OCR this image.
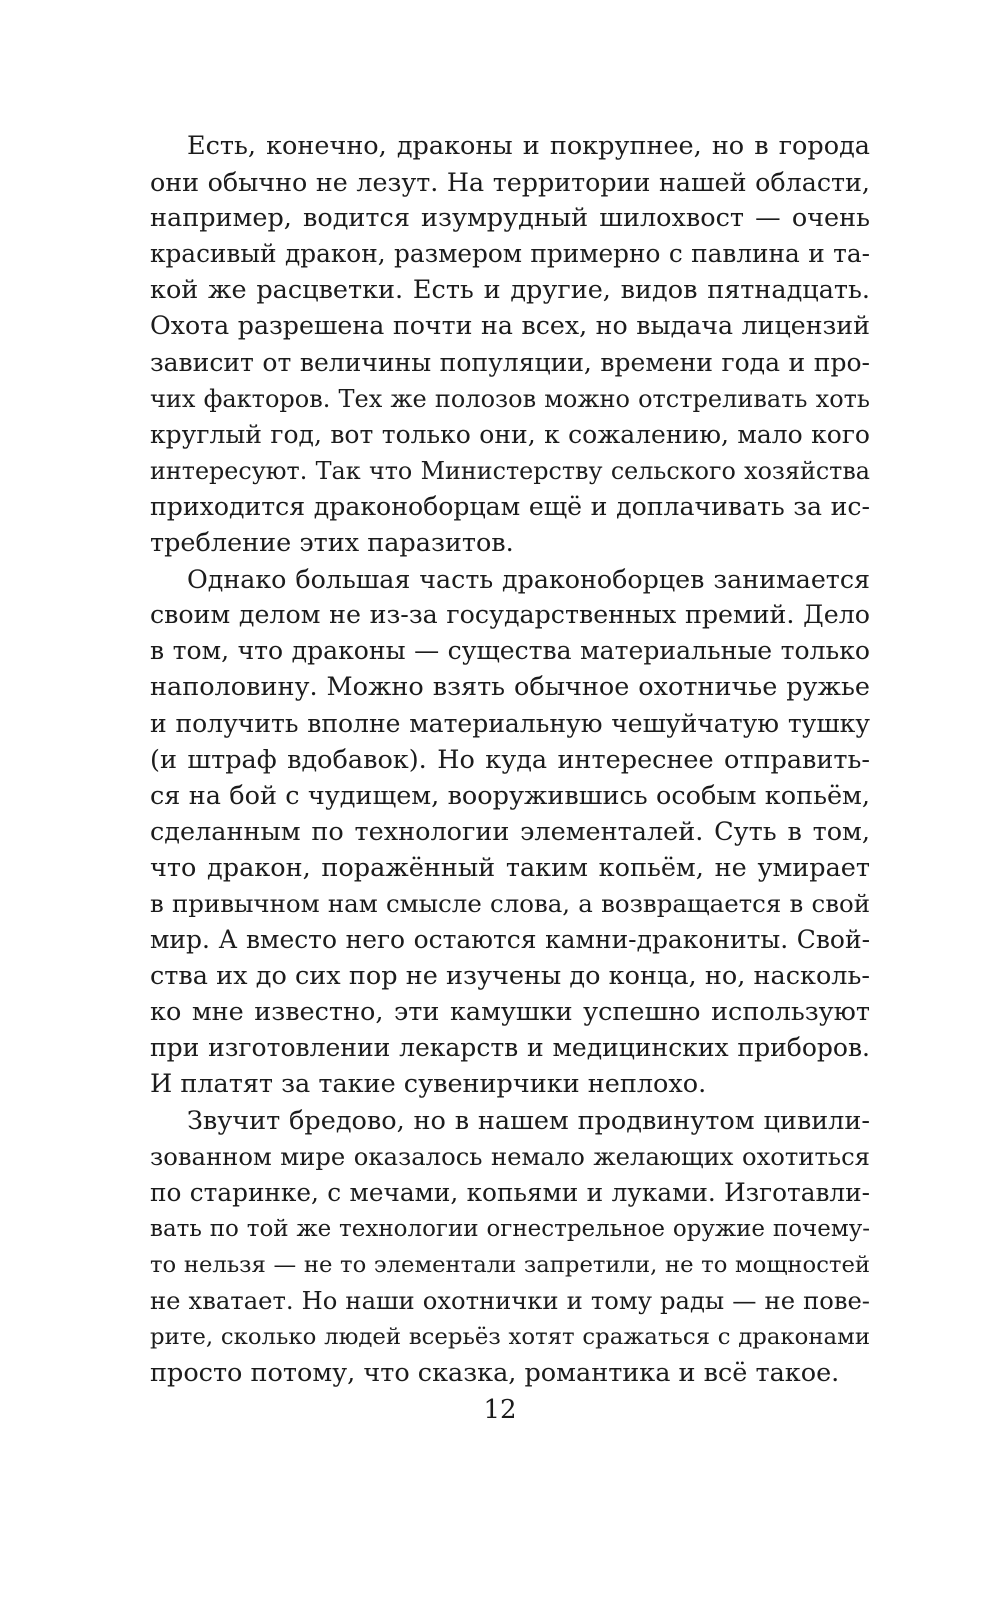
Есть, конечно, драконы и покрупнее, но в города
они обычно не лезут. На территории нашей области,
например, водится изумрудный шилохвост — очень
красивый дракон, размером примерно с павлина и та-
кой же расцветки. Есть и другие, видов пятнадцать.
Охота разрешена почти на всех, но выдача лицензий
зависит от величины популяции, времени года и про-
чих факторов. Тех же полозов можно отстреливать хоть
круглый год, вот только они, к сожалению, мало кого
интересуют. Так что Министерству сельского хозяйства
приходится драконоборцам ещё и доплачивать за ис-
требление этих паразитов.
Однако большая часть драконоборцев занимается
своим делом не из-за государственных премий. Дело
в том, что драконы — существа материальные только
наполовину. Можно взять обычное охотничье ружье
и получить вполне материальную чешуйчатую тушку
(и штраф вдобавок). Но куда интереснее отправить-
ся на бой с чудищем, вооружившись особым копьём,
сделанным по технологии элементалей. Суть в том,
что дракон, поражённый таким копьём, не умирает
в привычном нам смысле слова, а возвращается в свой
мир. А вместо него остаются камни-дракониты. Свой-
ства их до сих пор не изучены до конца, но, насколь-
ко мне известно, эти камушки успешно используют
при изготовлении лекарств и медицинских приборов.
И платят за такие сувенирчики неплохо.
Звучит бредово, но в нашем продвинутом цивили-
зованном мире оказалось немало желающих охотиться
по старинке, с мечами, копьями и луками. Изготавли-
вать по той же технологии огнестрельное оружие почему-
то нельзя — не то элементали запретили, не то мощностей
не хватает. Но наши охотнички и тому рады — не пове-
рите, сколько людей всерьёз хотят сражаться с драконами
просто потому, что сказка, романтика и всё такое.
12
